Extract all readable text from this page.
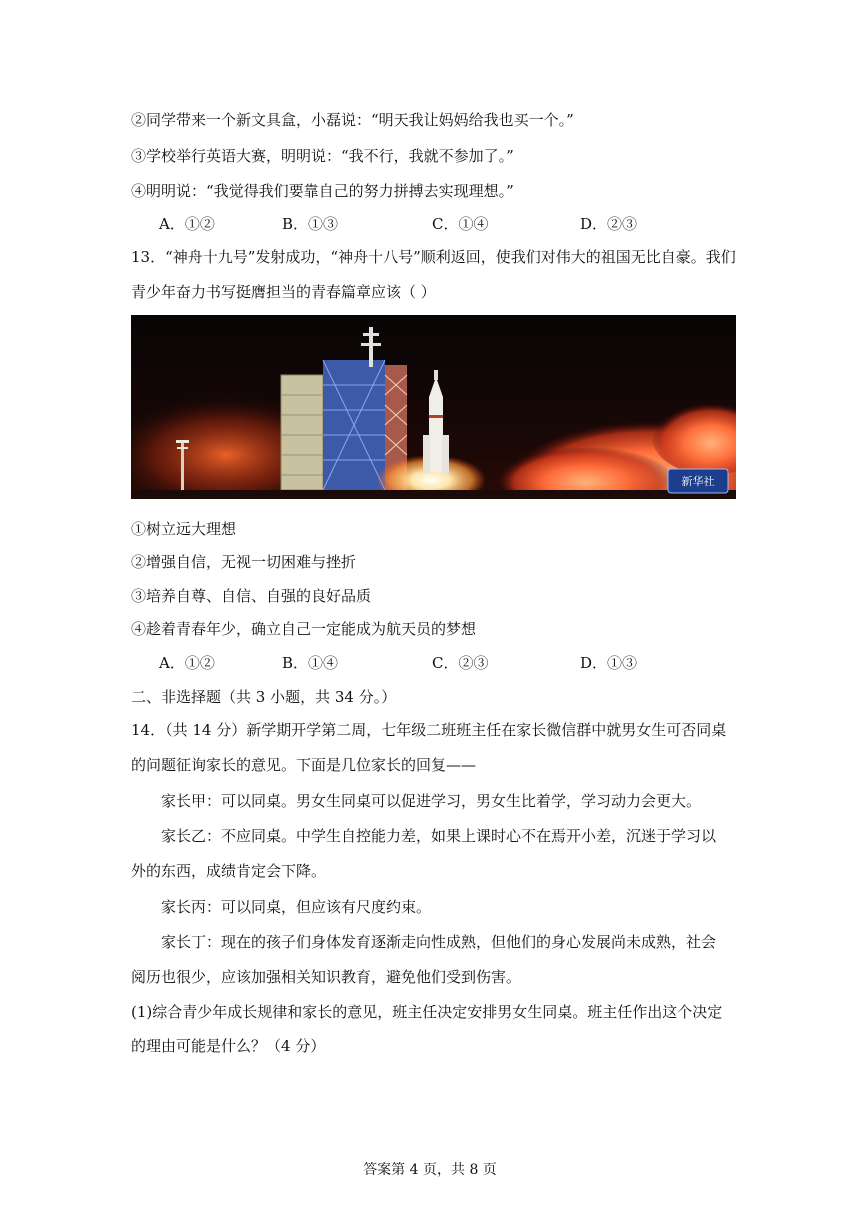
②同学带来一个新文具盒，小磊说：“明天我让妈妈给我也买一个。”
③学校举行英语大赛，明明说：“我不行，我就不参加了。”
④明明说：“我觉得我们要靠自己的努力拼搏去实现理想。”
A．①②	B．①③	C．①④	D．②③
13．“神舟十九号”发射成功，“神舟十八号”顺利返回，使我们对伟大的祖国无比自豪。我们
青少年奋力书写挺膺担当的青春篇章应该（ ）
新华社
①树立远大理想
②增强自信，无视一切困难与挫折
③培养自尊、自信、自强的良好品质
④趁着青春年少，确立自己一定能成为航天员的梦想
A．①②	B．①④	C．②③	D．①③
二、非选择题（共 3 小题，共 34 分。）
14．（共 14 分）新学期开学第二周，七年级二班班主任在家长微信群中就男女生可否同桌
的问题征询家长的意见。下面是几位家长的回复——
家长甲：可以同桌。男女生同桌可以促进学习，男女生比着学，学习动力会更大。
家长乙：不应同桌。中学生自控能力差，如果上课时心不在焉开小差，沉迷于学习以
外的东西，成绩肯定会下降。
家长丙：可以同桌，但应该有尺度约束。
家长丁：现在的孩子们身体发育逐渐走向性成熟，但他们的身心发展尚未成熟，社会
阅历也很少，应该加强相关知识教育，避免他们受到伤害。
(1)综合青少年成长规律和家长的意见，班主任决定安排男女生同桌。班主任作出这个决定
的理由可能是什么？（4 分）
答案第 4 页，共 8 页
